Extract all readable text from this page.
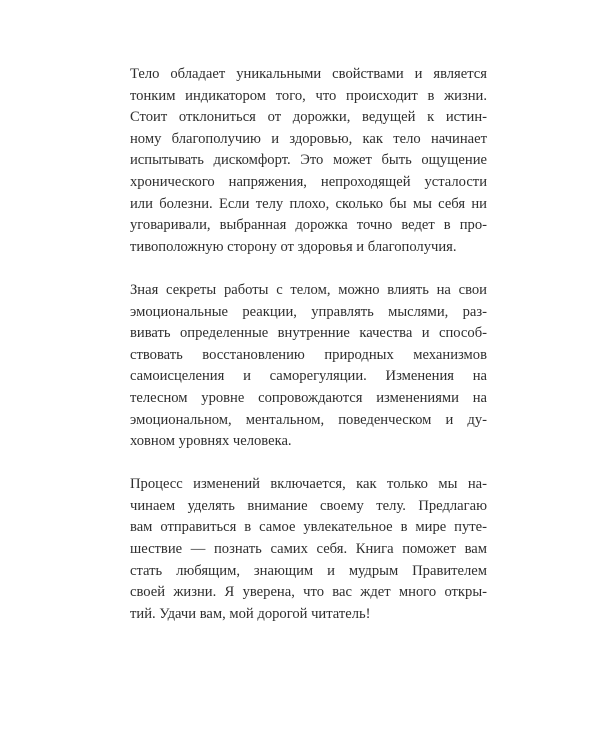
Тело обладает уникальными свойствами и является
тонким индикатором того, что происходит в жизни.
Стоит отклониться от дорожки, ведущей к истин-
ному благополучию и здоровью, как тело начинает
испытывать дискомфорт. Это может быть ощущение
хронического напряжения, непроходящей усталости
или болезни. Если телу плохо, сколько бы мы себя ни
уговаривали, выбранная дорожка точно ведет в про-
тивоположную сторону от здоровья и благополучия.

Зная секреты работы с телом, можно влиять на свои
эмоциональные реакции, управлять мыслями, раз-
вивать определенные внутренние качества и способ-
ствовать восстановлению природных механизмов
самоисцеления и саморегуляции. Изменения на
телесном уровне сопровождаются изменениями на
эмоциональном, ментальном, поведенческом и ду-
ховном уровнях человека.

Процесс изменений включается, как только мы на-
чинаем уделять внимание своему телу. Предлагаю
вам отправиться в самое увлекательное в мире путе-
шествие — познать самих себя. Книга поможет вам
стать любящим, знающим и мудрым Правителем
своей жизни. Я уверена, что вас ждет много откры-
тий. Удачи вам, мой дорогой читатель!
